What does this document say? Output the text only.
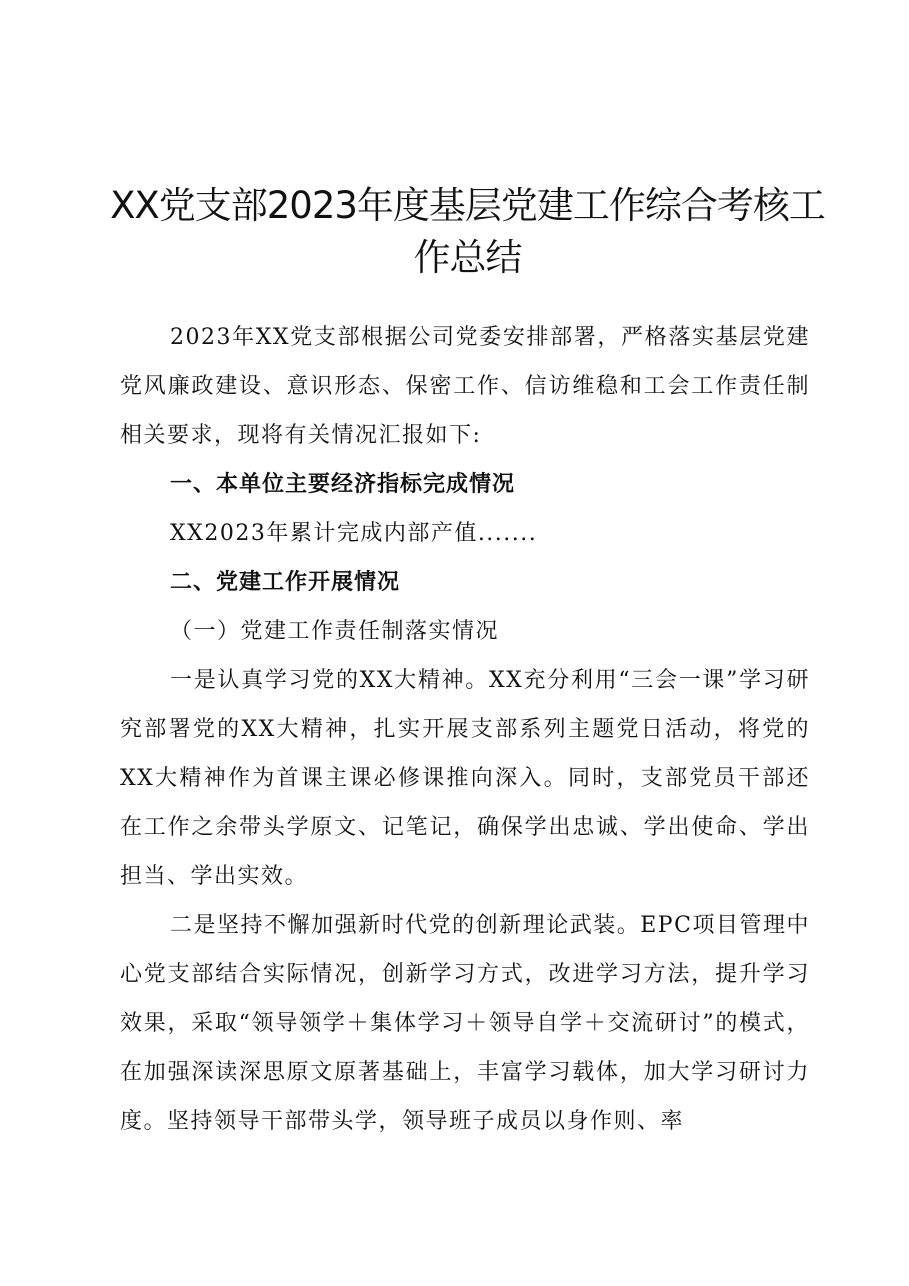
XX党支部2023年度基层党建工作综合考核工作总结

2023年XX党支部根据公司党委安排部署，严格落实基层党建党风廉政建设、意识形态、保密工作、信访维稳和工会工作责任制相关要求，现将有关情况汇报如下:

一、本单位主要经济指标完成情况

XX2023年累计完成内部产值.......

二、党建工作开展情况

（一）党建工作责任制落实情况

一是认真学习党的XX大精神。XX充分利用“三会一课”学习研究部署党的XX大精神，扎实开展支部系列主题党日活动，将党的XX大精神作为首课主课必修课推向深入。同时，支部党员干部还在工作之余带头学原文、记笔记，确保学出忠诚、学出使命、学出担当、学出实效。

二是坚持不懈加强新时代党的创新理论武装。EPC项目管理中心党支部结合实际情况，创新学习方式，改进学习方法，提升学习效果，采取“领导领学＋集体学习＋领导自学＋交流研讨”的模式，在加强深读深思原文原著基础上，丰富学习载体，加大学习研讨力度。坚持领导干部带头学，领导班子成员以身作则、率
